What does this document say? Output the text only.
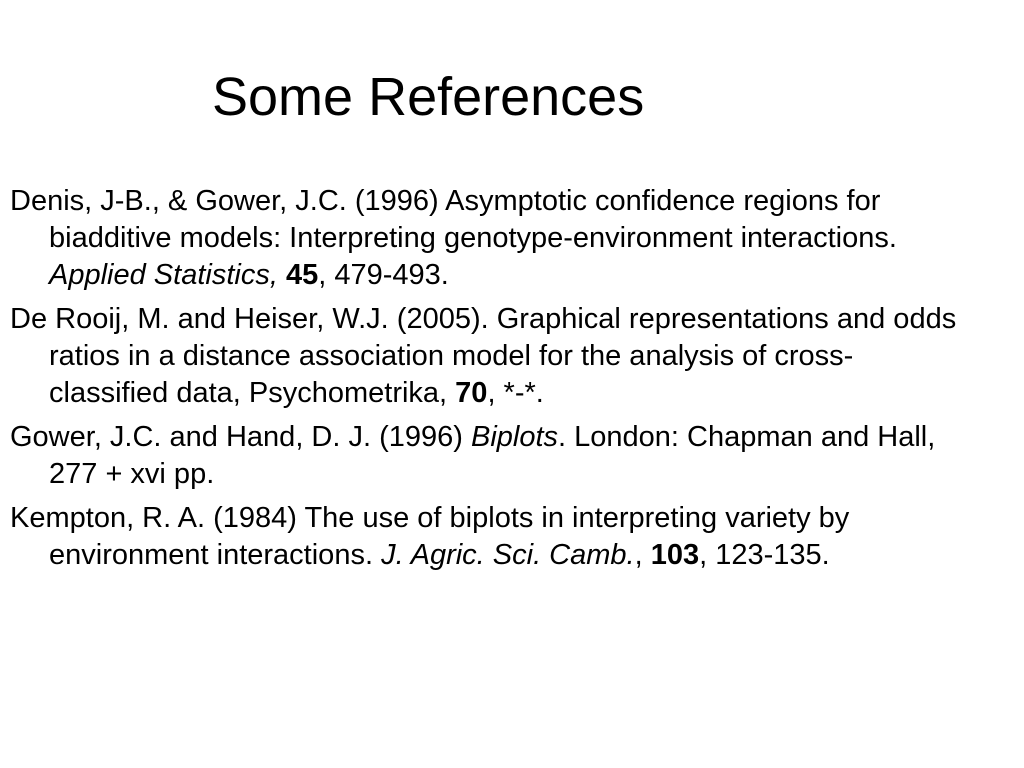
Some References
Denis, J-B., & Gower, J.C. (1996) Asymptotic confidence regions for biadditive models: Interpreting genotype-environment interactions. Applied Statistics, 45, 479-493.
De Rooij, M. and Heiser, W.J. (2005). Graphical representations and odds ratios in a distance association model for the analysis of cross-classified data, Psychometrika, 70, *-*.
Gower, J.C. and Hand, D. J. (1996) Biplots. London: Chapman and Hall, 277 + xvi pp.
Kempton, R. A. (1984) The use of biplots in interpreting variety by environment interactions. J. Agric. Sci. Camb., 103, 123-135.
